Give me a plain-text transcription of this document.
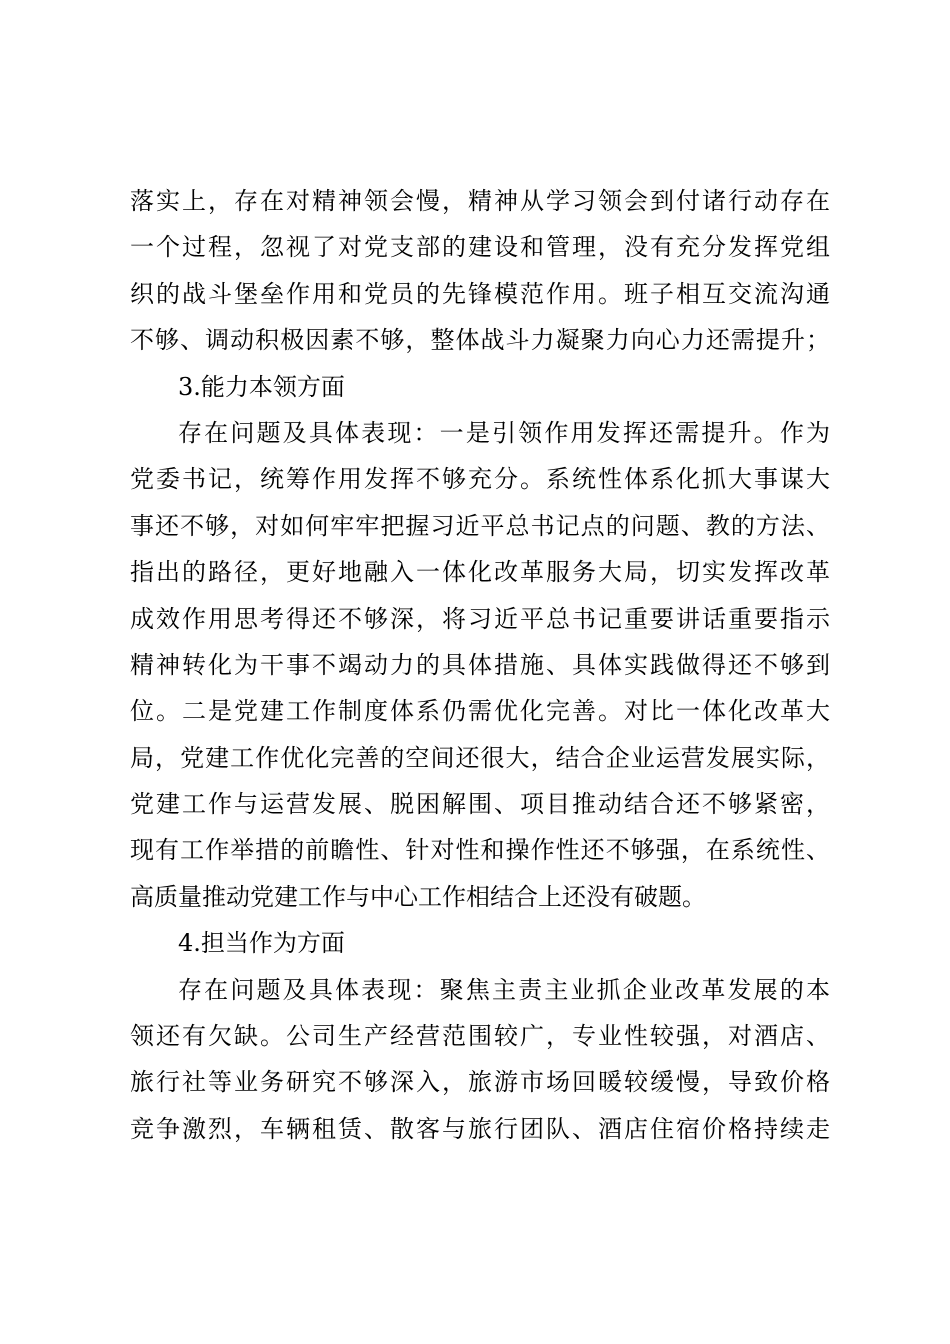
落实上，存在对精神领会慢，精神从学习领会到付诸行动存在
一个过程，忽视了对党支部的建设和管理，没有充分发挥党组
织的战斗堡垒作用和党员的先锋模范作用。班子相互交流沟通
不够、调动积极因素不够，整体战斗力凝聚力向心力还需提升；
3.能力本领方面
存在问题及具体表现：一是引领作用发挥还需提升。作为
党委书记，统筹作用发挥不够充分。系统性体系化抓大事谋大
事还不够，对如何牢牢把握习近平总书记点的问题、教的方法、
指出的路径，更好地融入一体化改革服务大局，切实发挥改革
成效作用思考得还不够深，将习近平总书记重要讲话重要指示
精神转化为干事不竭动力的具体措施、具体实践做得还不够到
位。二是党建工作制度体系仍需优化完善。对比一体化改革大
局，党建工作优化完善的空间还很大，结合企业运营发展实际，
党建工作与运营发展、脱困解围、项目推动结合还不够紧密，
现有工作举措的前瞻性、针对性和操作性还不够强，在系统性、
高质量推动党建工作与中心工作相结合上还没有破题。
4.担当作为方面
存在问题及具体表现：聚焦主责主业抓企业改革发展的本
领还有欠缺。公司生产经营范围较广，专业性较强，对酒店、
旅行社等业务研究不够深入，旅游市场回暖较缓慢，导致价格
竞争激烈，车辆租赁、散客与旅行团队、酒店住宿价格持续走
